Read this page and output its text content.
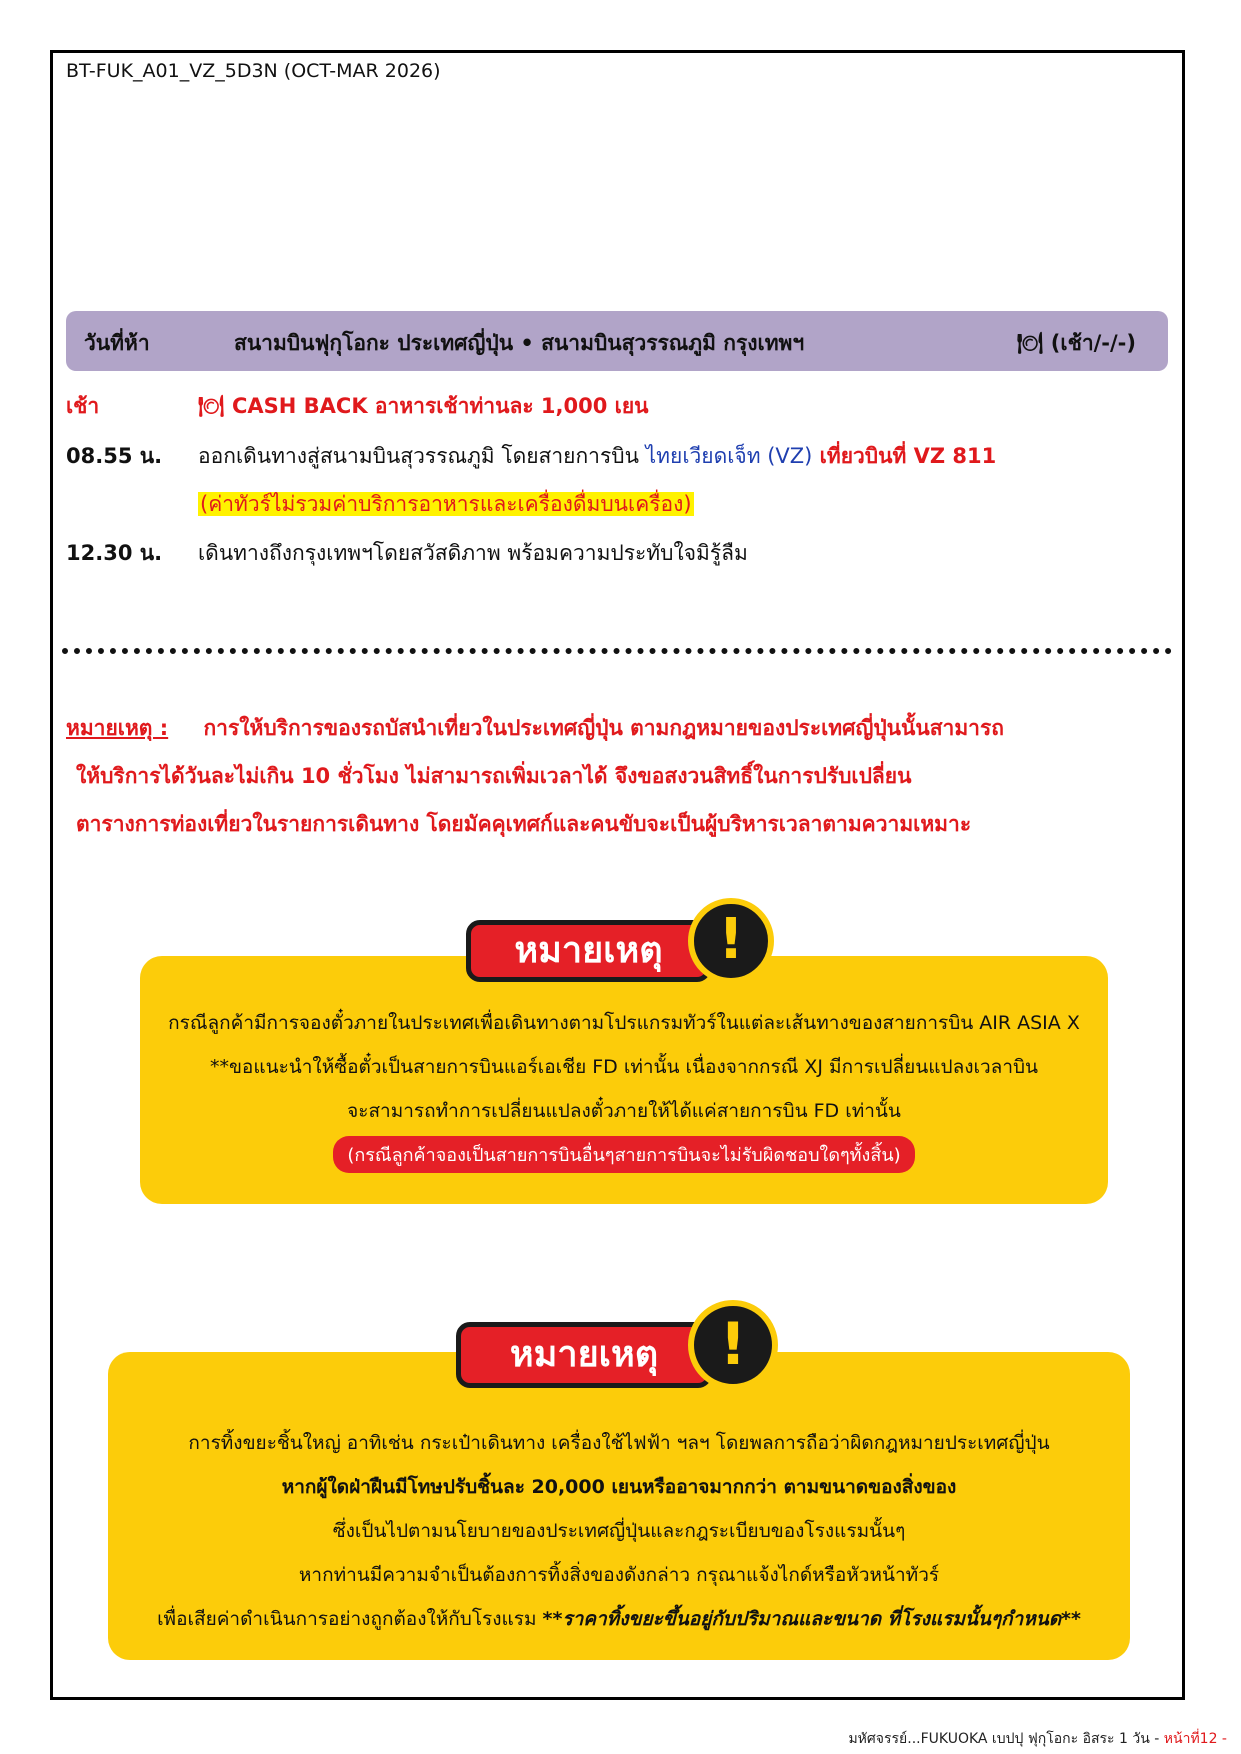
BT-FUK_A01_VZ_5D3N (OCT-MAR 2026)
วันที่ห้า	สนามบินฟุกุโอกะ ประเทศญี่ปุ่น • สนามบินสุวรรณภูมิ กรุงเทพฯ	🍽 (เช้า/-/-)
เช้า	🍽 CASH BACK อาหารเช้าท่านละ 1,000 เยน
08.55 น. ออกเดินทางสู่สนามบินสุวรรณภูมิ โดยสายการบิน ไทยเวียดเจ็ท (VZ) เที่ยวบินที่ VZ 811
(ค่าทัวร์ไม่รวมค่าบริการอาหารและเครื่องดื่มบนเครื่อง)
12.30 น. เดินทางถึงกรุงเทพฯโดยสวัสดิภาพ พร้อมความประทับใจมิรู้ลืม
หมายเหตุ : การให้บริการของรถบัสนำเที่ยวในประเทศญี่ปุ่น ตามกฎหมายของประเทศญี่ปุ่นนั้นสามารถ
ให้บริการได้วันละไม่เกิน 10 ชั่วโมง ไม่สามารถเพิ่มเวลาได้ จึงขอสงวนสิทธิ์ในการปรับเปลี่ยน
ตารางการท่องเที่ยวในรายการเดินทาง โดยมัคคุเทศก์และคนขับจะเป็นผู้บริหารเวลาตามความเหมาะ
กรณีลูกค้ามีการจองตั๋วภายในประเทศเพื่อเดินทางตามโปรแกรมทัวร์ในแต่ละเส้นทางของสายการบิน AIR ASIA X
**ขอแนะนำให้ซื้อตั๋วเป็นสายการบินแอร์เอเชีย FD เท่านั้น เนื่องจากกรณี XJ มีการเปลี่ยนแปลงเวลาบิน
จะสามารถทำการเปลี่ยนแปลงตั๋วภายให้ได้แค่สายการบิน FD เท่านั้น
(กรณีลูกค้าจองเป็นสายการบินอื่นๆสายการบินจะไม่รับผิดชอบใดๆทั้งสิ้น)
หมายเหตุ !
การทิ้งขยะชิ้นใหญ่ อาทิเช่น กระเป๋าเดินทาง เครื่องใช้ไฟฟ้า ฯลฯ โดยพลการถือว่าผิดกฎหมายประเทศญี่ปุ่น
หากผู้ใดฝ่าฝืนมีโทษปรับชิ้นละ 20,000 เยนหรืออาจมากกว่า ตามขนาดของสิ่งของ
ซึ่งเป็นไปตามนโยบายของประเทศญี่ปุ่นและกฎระเบียบของโรงแรมนั้นๆ
หากท่านมีความจำเป็นต้องการทิ้งสิ่งของดังกล่าว กรุณาแจ้งไกด์หรือหัวหน้าทัวร์
เพื่อเสียค่าดำเนินการอย่างถูกต้องให้กับโรงแรม **ราคาทิ้งขยะขึ้นอยู่กับปริมาณและขนาด ที่โรงแรมนั้นๆกำหนด**
หมายเหตุ	!
มหัศจรรย์...FUKUOKA เบปปุ ฟุกุโอกะ อิสระ 1 วัน - หน้าที่12 -
